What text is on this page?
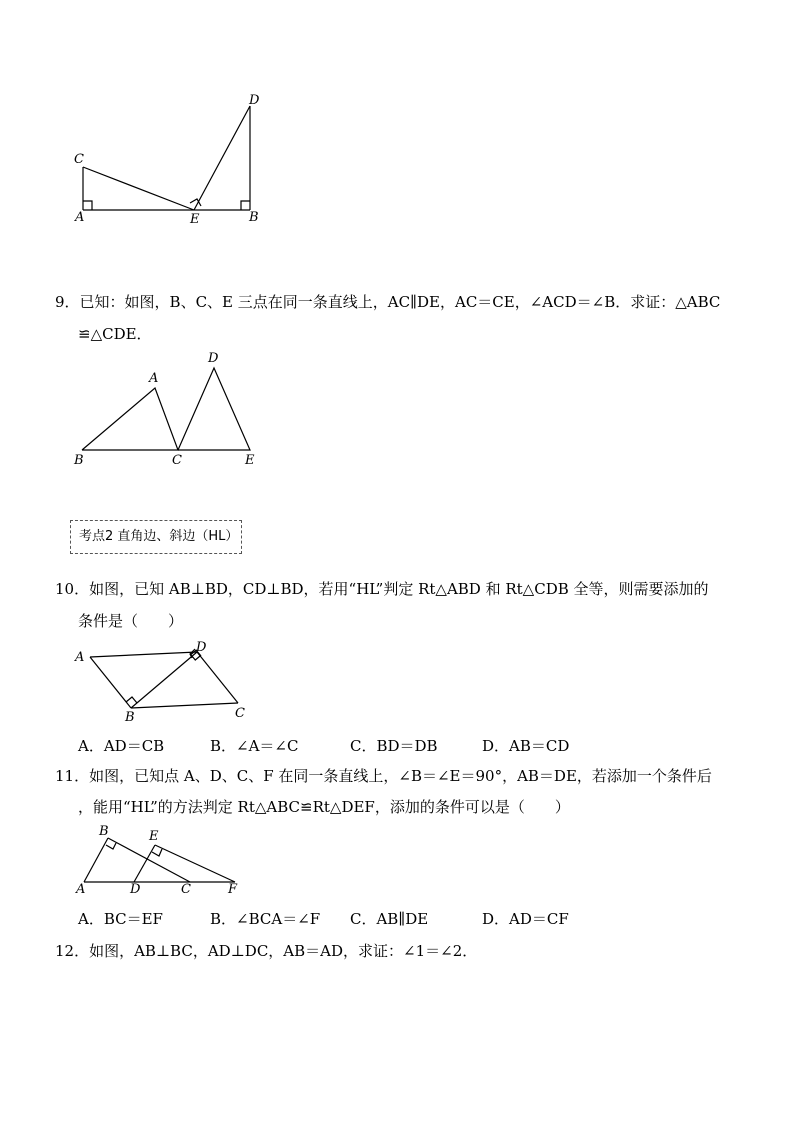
C
A	E	B
D
9．已知：如图，B、C、E 三点在同一条直线上，AC∥DE，AC＝CE，∠ACD＝∠B．求证：△ABC
≌△CDE．
A
B	C
D
E
考点2 直角边、斜边（HL）
10．如图，已知 AB⊥BD，CD⊥BD，若用“HL”判定 Rt△ABD 和 Rt△CDB 全等，则需要添加的
条件是（　　）
A
B	C
D
A．AD＝CB	B．∠A＝∠C	C．BD＝DB	D．AB＝CD
11．如图，已知点 A、D、C、F 在同一条直线上，∠B＝∠E＝90°，AB＝DE，若添加一个条件后
，能用“HL”的方法判定 Rt△ABC≌Rt△DEF，添加的条件可以是（　　）
A
B
C
D
E
F
A．BC＝EF	B．∠BCA＝∠F C．AB∥DE	D．AD＝CF
12．如图，AB⊥BC，AD⊥DC，AB＝AD，求证：∠1＝∠2．
